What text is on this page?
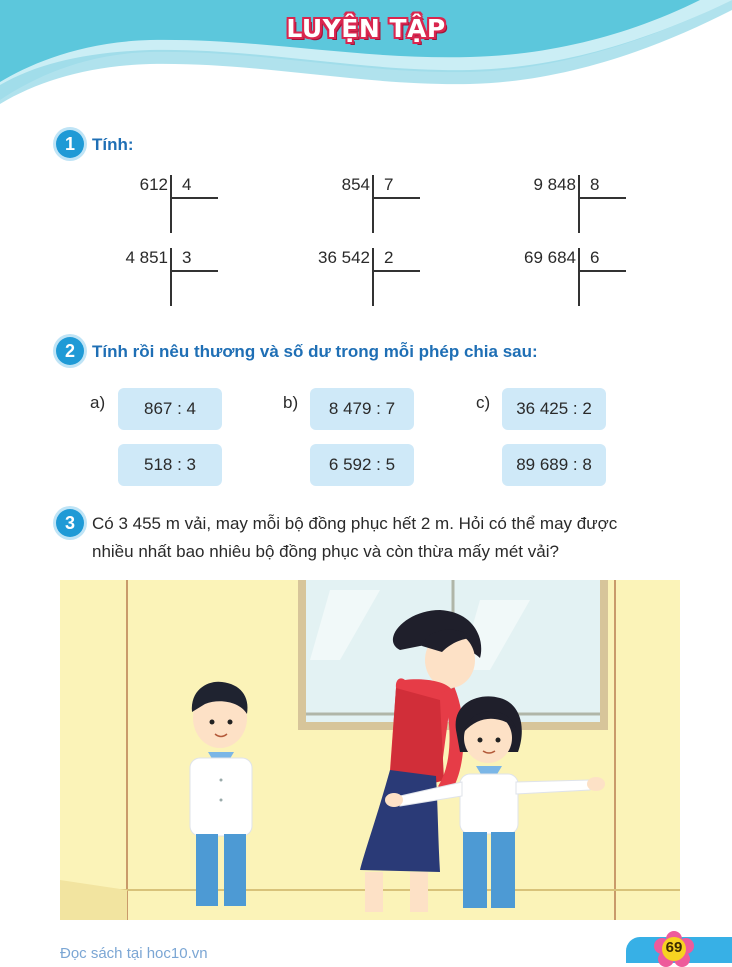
LUYỆN TẬP
1	Tính:
612 4	854 7	9 848 8
4 851 3	36 542 2	69 684 6
2	Tính rồi nêu thương và số dư trong mỗi phép chia sau:
a)	867 : 4
518 : 3
b)	8 479 : 7
6 592 : 5
c)	36 425 : 2
89 689 : 8
3	Có 3 455 m vải, may mỗi bộ đồng phục hết 2 m. Hỏi có thể may được
nhiều nhất bao nhiêu bộ đồng phục và còn thừa mấy mét vải?
Đọc sách tại hoc10.vn	69
